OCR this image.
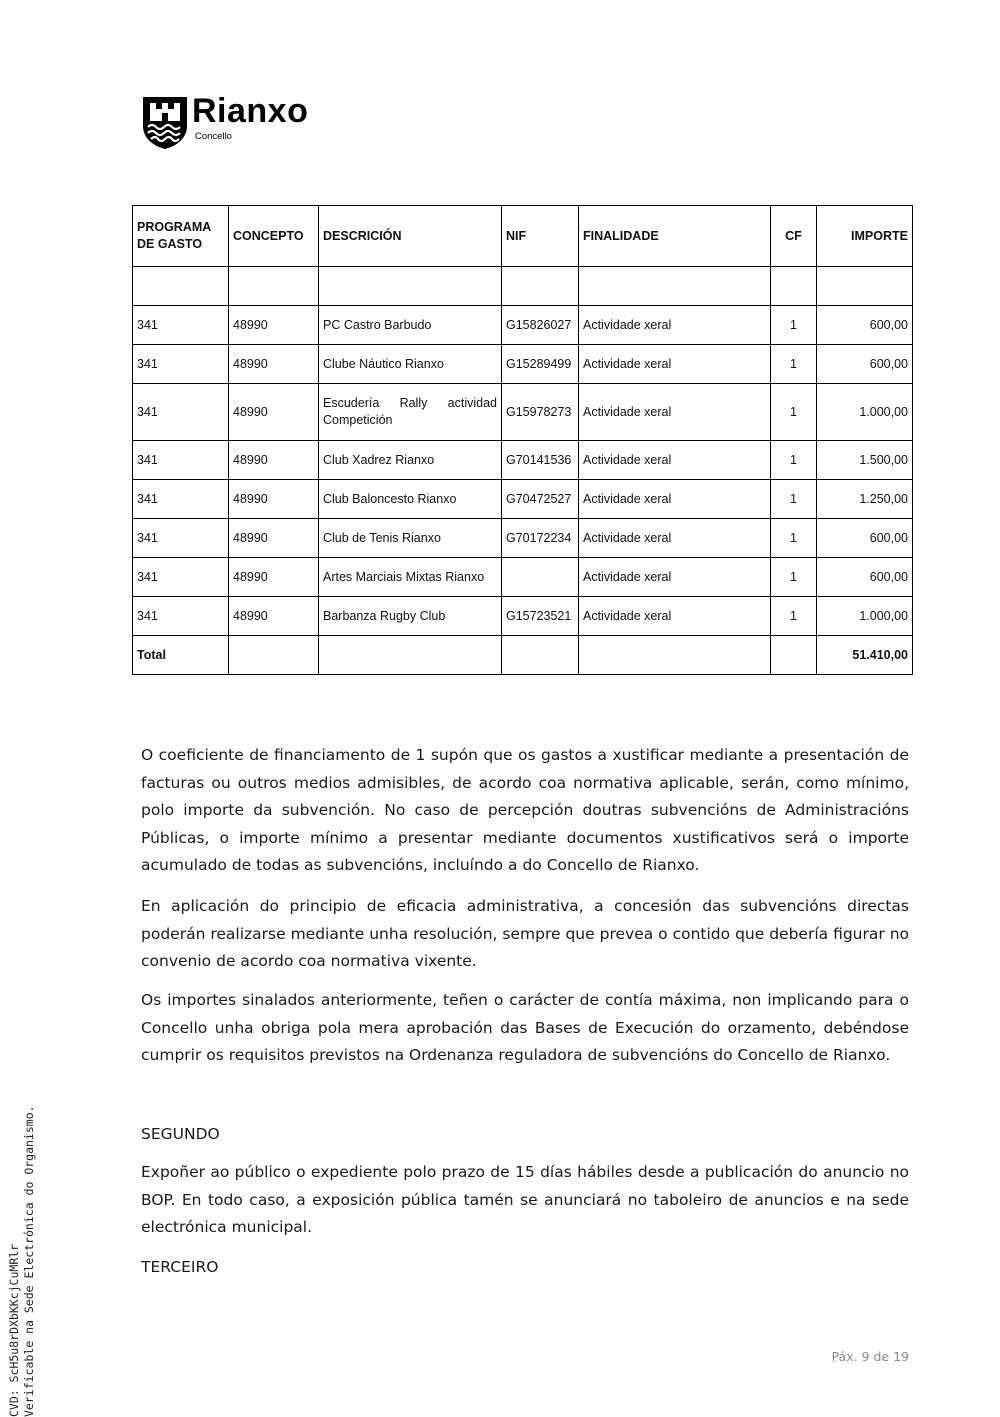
Rianxo
Concello
PROGRAMA DE GASTO	CONCEPTO	DESCRICIÓN	NIF	FINALIDADE	CF	IMPORTE

341	48990	PC Castro Barbudo	G15826027	Actividade xeral	1	600,00
341	48990	Clube Náutico Rianxo	G15289499	Actividade xeral	1	600,00
341	48990	Escudería Rally actividad
Competición	G15978273	Actividade xeral	1	1.000,00
341	48990	Club Xadrez Rianxo	G70141536	Actividade xeral	1	1.500,00
341	48990	Club Baloncesto Rianxo	G70472527	Actividade xeral	1	1.250,00
341	48990	Club de Tenis Rianxo	G70172234	Actividade xeral	1	600,00
341	48990	Artes Marciais Mixtas Rianxo		Actividade xeral	1	600,00
341	48990	Barbanza Rugby Club	G15723521	Actividade xeral	1	1.000,00
Total						51.410,00

O coeficiente de financiamento de 1 supón que os gastos a xustificar mediante a presentación de facturas ou outros medios admisibles, de acordo coa normativa aplicable, serán, como mínimo, polo importe da subvención. No caso de percepción doutras subvencións de Administracións Públicas, o importe mínimo a presentar mediante documentos xustificativos será o importe acumulado de todas as subvencións, incluíndo a do Concello de Rianxo.

En aplicación do principio de eficacia administrativa, a concesión das subvencións directas poderán realizarse mediante unha resolución, sempre que prevea o contido que debería figurar no convenio de acordo coa normativa vixente.

Os importes sinalados anteriormente, teñen o carácter de contía máxima, non implicando para o Concello unha obriga pola mera aprobación das Bases de Execución do orzamento, debéndose cumprir os requisitos previstos na Ordenanza reguladora de subvencións do Concello de Rianxo.

SEGUNDO

Expoñer ao público o expediente polo prazo de 15 días hábiles desde a publicación do anuncio no BOP. En todo caso, a exposición pública tamén se anunciará no taboleiro de anuncios e na sede electrónica municipal.

TERCEIRO

CVD: ScH5u8rDXbKKcjCuMRlr Verificable na Sede Electrónica do Organismo.	Páx. 9 de 19
